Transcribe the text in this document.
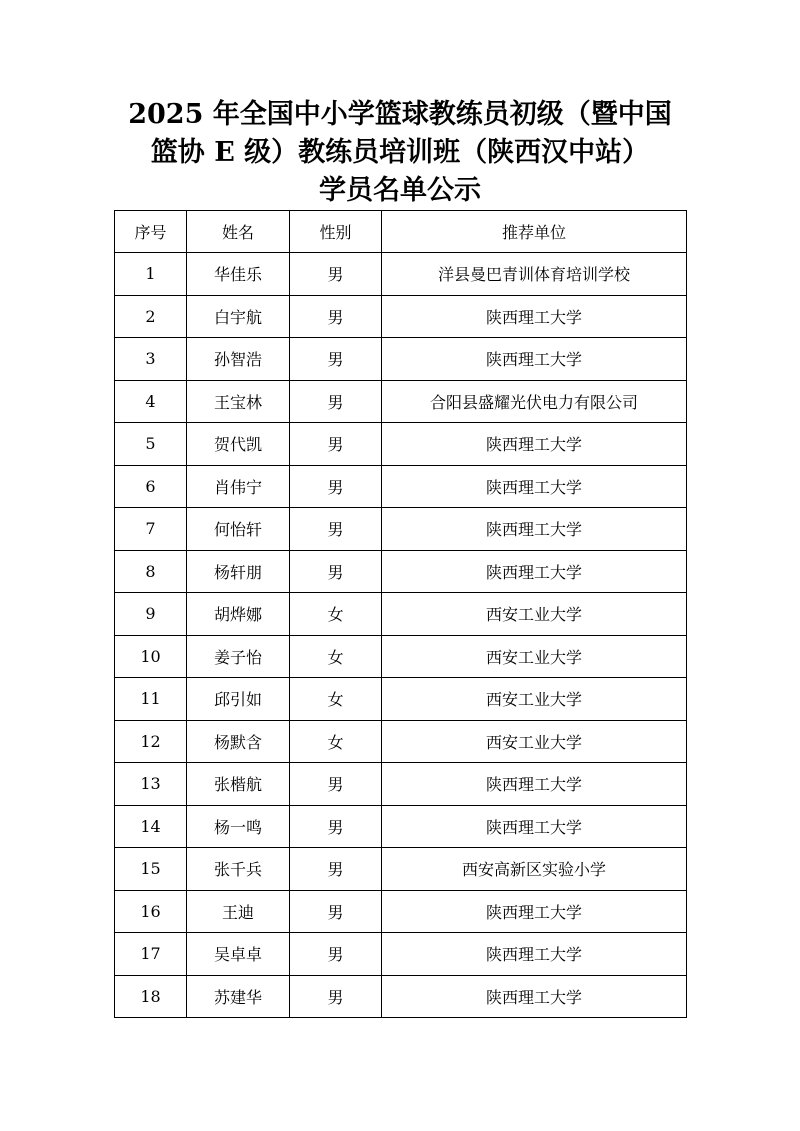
2025 年全国中小学篮球教练员初级（暨中国
篮协 E 级）教练员培训班（陕西汉中站）
学员名单公示
序号	姓名	性别	推荐单位
1	华佳乐	男	洋县曼巴青训体育培训学校
2	白宇航	男	陕西理工大学
3	孙智浩	男	陕西理工大学
4	王宝林	男	合阳县盛耀光伏电力有限公司
5	贺代凯	男	陕西理工大学
6	肖伟宁	男	陕西理工大学
7	何怡轩	男	陕西理工大学
8	杨轩朋	男	陕西理工大学
9	胡烨娜	女	西安工业大学
10	姜子怡	女	西安工业大学
11	邱引如	女	西安工业大学
12	杨默含	女	西安工业大学
13	张楷航	男	陕西理工大学
14	杨一鸣	男	陕西理工大学
15	张千兵	男	西安高新区实验小学
16	王迪	男	陕西理工大学
17	吴卓卓	男	陕西理工大学
18	苏建华	男	陕西理工大学
